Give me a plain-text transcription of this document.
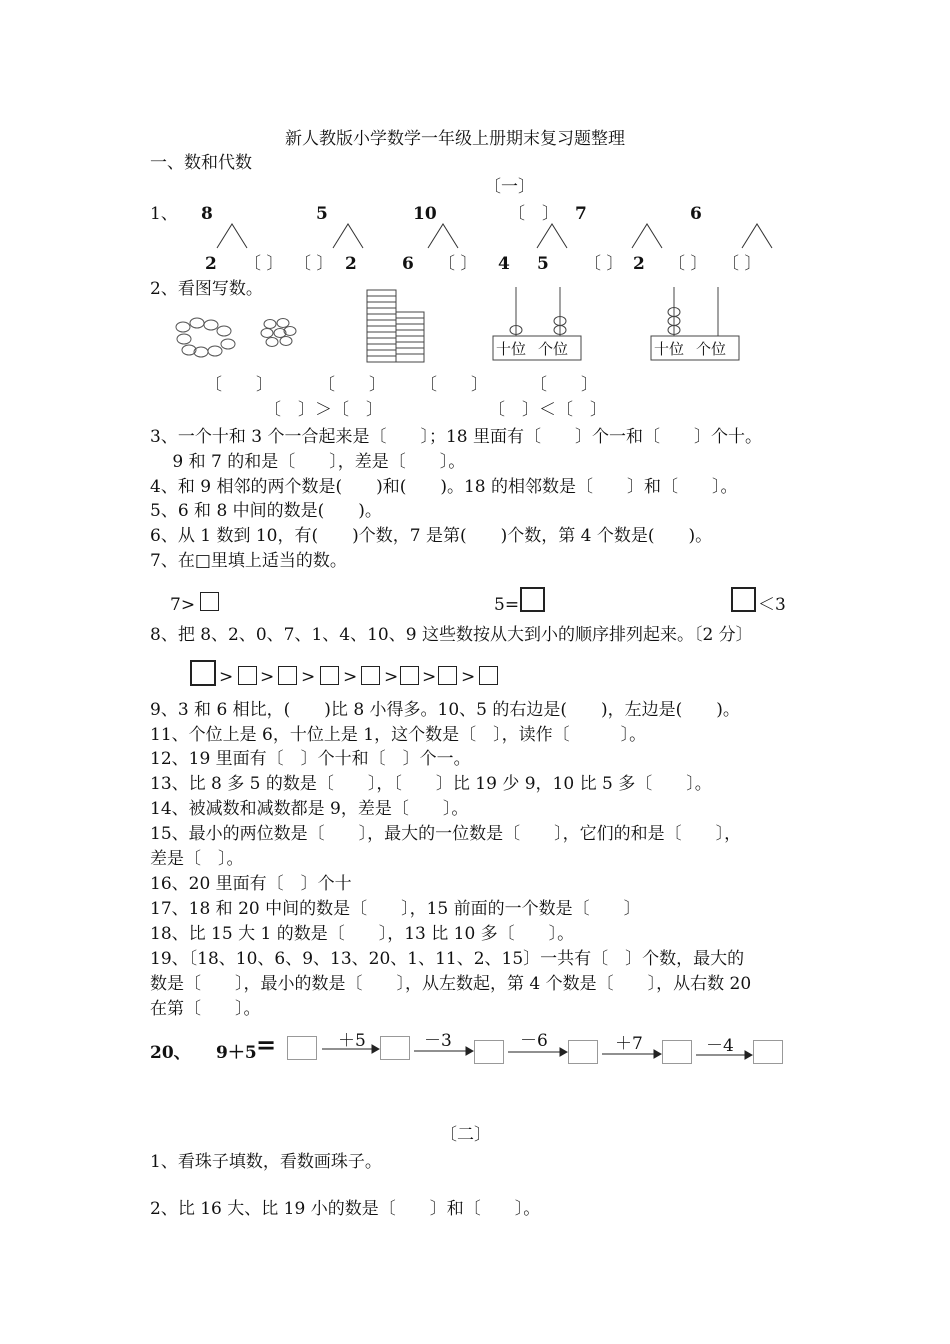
新人教版小学数学一年级上册期末复习题整理
一、数和代数
〔一〕
1、 8	5	10	〔　〕 7	6
2 〔 〕 〔 〕 2	6 〔 〕 4 5 〔 〕 2 〔 〕 〔 〕
2、看图写数。
十位 个位	十位 个位
〔　　〕	〔　　〕 〔　　〕 〔　　〕
〔　〕＞〔　〕	〔　〕＜〔　〕
3、一个十和 3 个一合起来是〔　　〕；18 里面有〔　　〕个一和〔　　〕个十。
　 9 和 7 的和是〔　　〕，差是〔　　〕。
4、和 9 相邻的两个数是(　　)和(　　)。18 的相邻数是〔　　〕和〔　　〕。
5、6 和 8 中间的数是(　　)。
6、从 1 数到 10，有(　　)个数，7 是第(　　)个数，第 4 个数是(　　)。
7、在□里填上适当的数。
7>	5=	＜3
8、把 8、2、0、7、1、4、10、9 这些数按从大到小的顺序排列起来。〔2 分〕
> > > > > > >
9、3 和 6 相比，(　　)比 8 小得多。10、5 的右边是(　　)，左边是(　　)。
11、个位上是 6，十位上是 1，这个数是〔　〕，读作〔　　　〕。
12、19 里面有〔　〕个十和〔　〕个一。
13、比 8 多 5 的数是〔　　〕，〔　　〕比 19 少 9，10 比 5 多〔　　〕。
14、被减数和减数都是 9，差是〔　　〕。
15、最小的两位数是〔　　〕，最大的一位数是〔　　〕，它们的和是〔　　〕，
差是〔　〕。
16、20 里面有〔　〕个十
17、18 和 20 中间的数是〔　　〕，15 前面的一个数是〔　　〕
18、比 15 大 1 的数是〔　　〕，13 比 10 多〔　　〕。
19、〔18、10、6、9、13、20、1、11、2、15〕一共有〔　〕个数，最大的
数是〔　　〕，最小的数是〔　　〕，从左数起，第 4 个数是〔　　〕，从右数 20
在第〔　　〕。
20、 9＋5 =	＋5	－3	－6	＋7	－4
〔二〕
1、看珠子填数，看数画珠子。
2、比 16 大、比 19 小的数是〔　　〕和〔　　〕。
